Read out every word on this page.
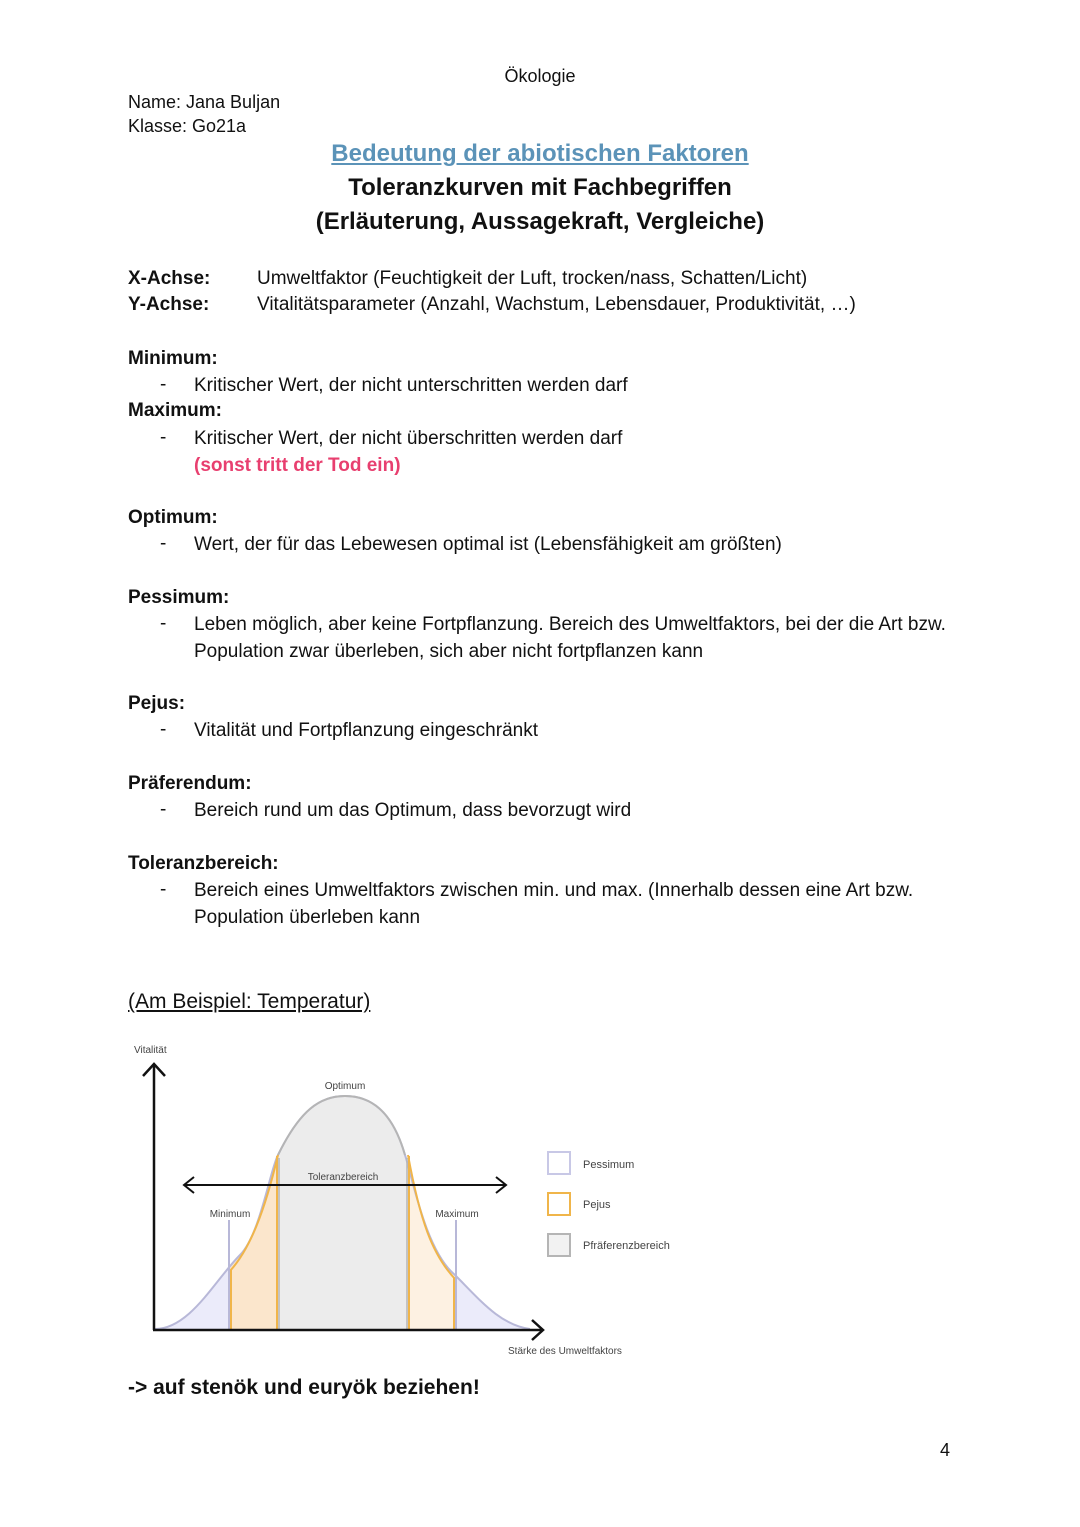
Ökologie
Name: Jana Buljan
Klasse: Go21a
Bedeutung der abiotischen Faktoren
Toleranzkurven mit Fachbegriffen
(Erläuterung, Aussagekraft, Vergleiche)
X-Achse: Umweltfaktor (Feuchtigkeit der Luft, trocken/nass, Schatten/Licht)
Y-Achse:	Vitalitätsparameter (Anzahl, Wachstum, Lebensdauer, Produktivität, …)
Minimum:
- Kritischer Wert, der nicht unterschritten werden darf
Maximum:
- Kritischer Wert, der nicht überschritten werden darf
(sonst tritt der Tod ein)
Optimum:
- Wert, der für das Lebewesen optimal ist (Lebensfähigkeit am größten)
Pessimum:
- Leben möglich, aber keine Fortpflanzung. Bereich des Umweltfaktors, bei der die Art bzw. Population zwar überleben, sich aber nicht fortpflanzen kann
Pejus:
- Vitalität und Fortpflanzung eingeschränkt
Präferendum:
- Bereich rund um das Optimum, dass bevorzugt wird
Toleranzbereich:
- Bereich eines Umweltfaktors zwischen min. und max. (Innerhalb dessen eine Art bzw. Population überleben kann
(Am Beispiel: Temperatur)
Vitalität
Optimum
Toleranzbereich
Minimum	Maximum
Stärke des Umweltfaktors
Pessimum
Pejus
Pfräferenzbereich
-> auf stenök und euryök beziehen!
4
